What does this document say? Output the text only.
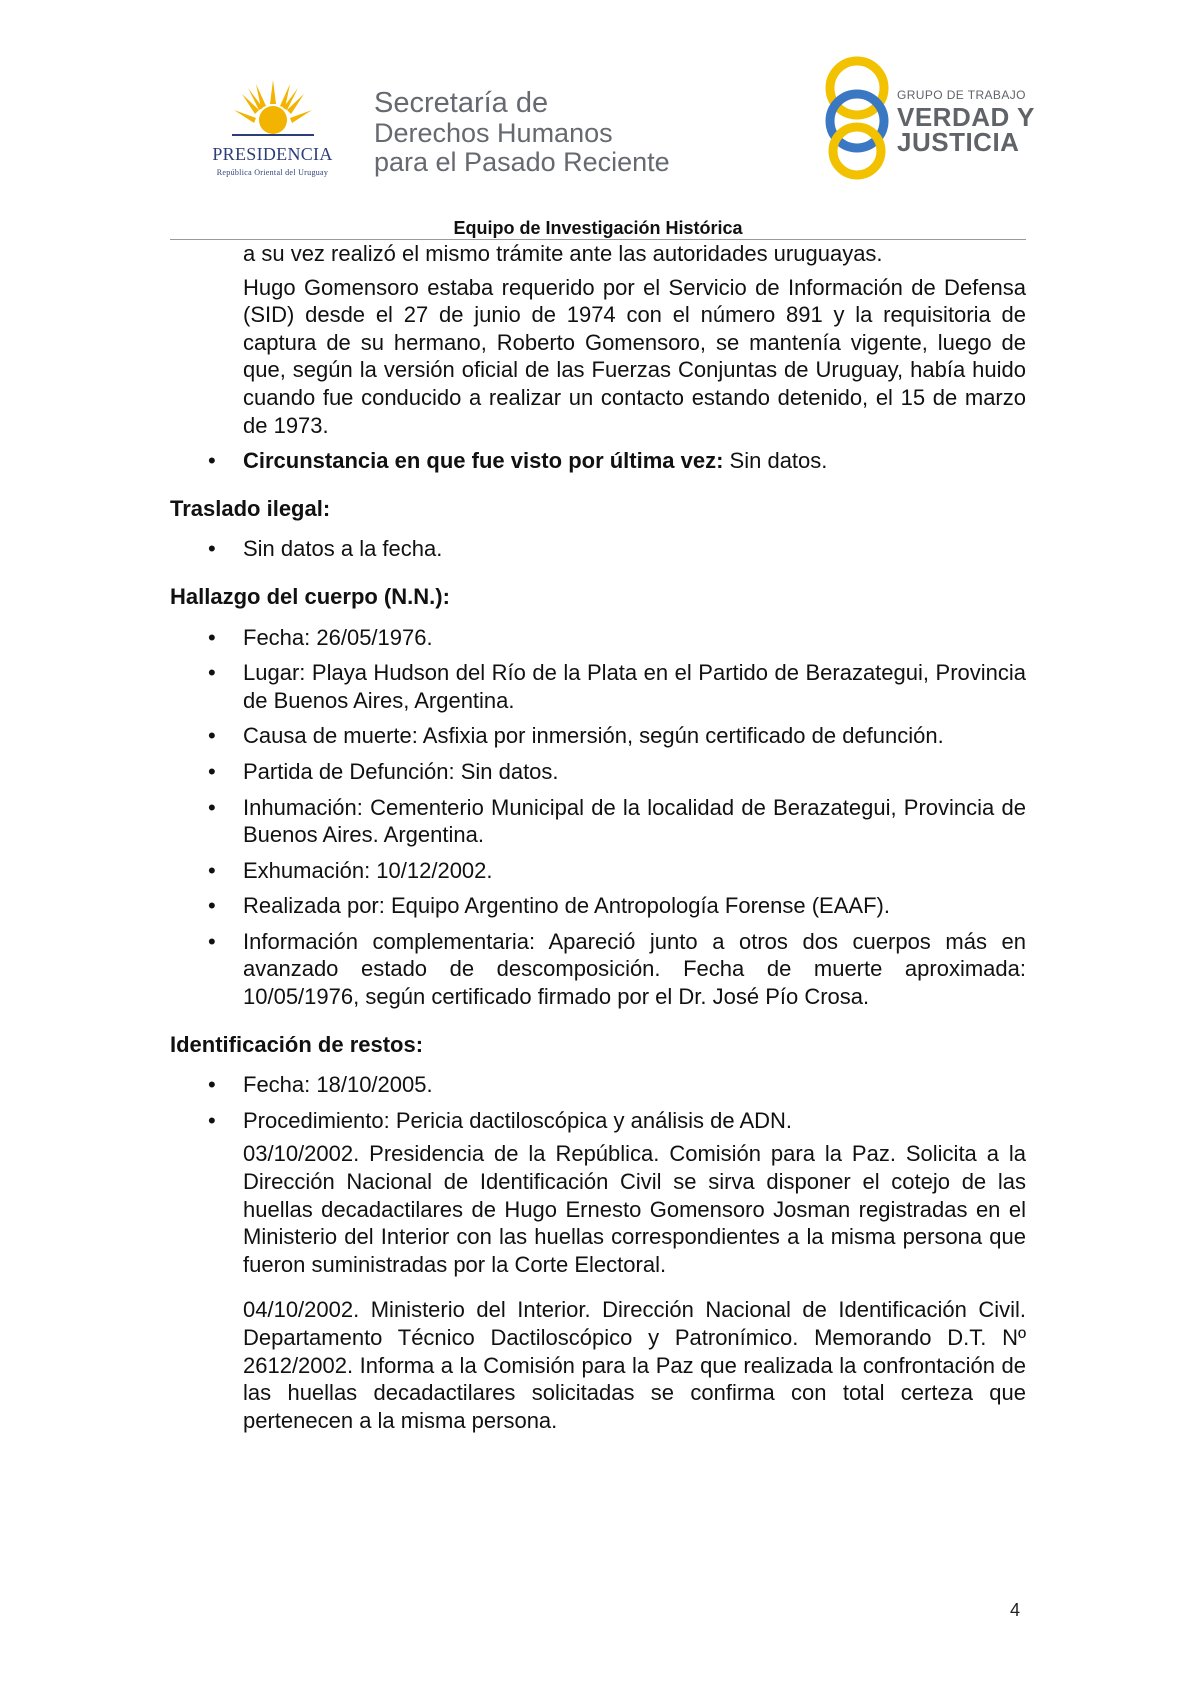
PRESIDENCIA
República Oriental del Uruguay
Secretaría de
Derechos Humanos
para el Pasado Reciente
GRUPO DE TRABAJO
VERDAD Y
JUSTICIA
Equipo de Investigación Histórica

a su vez realizó el mismo trámite ante las autoridades uruguayas.

Hugo Gomensoro estaba requerido por el Servicio de Información de Defensa (SID) desde el 27 de junio de 1974 con el número 891 y la requisitoria de captura de su hermano, Roberto Gomensoro, se mantenía vigente, luego de que, según la versión oficial de las Fuerzas Conjuntas de Uruguay, había huido cuando fue conducido a realizar un contacto estando detenido, el 15 de marzo de 1973.

• Circunstancia en que fue visto por última vez: Sin datos.

Traslado ilegal:

• Sin datos a la fecha.

Hallazgo del cuerpo (N.N.):

• Fecha: 26/05/1976.
• Lugar: Playa Hudson del Río de la Plata en el Partido de Berazategui, Provincia de Buenos Aires, Argentina.
• Causa de muerte: Asfixia por inmersión, según certificado de defunción.
• Partida de Defunción: Sin datos.
• Inhumación: Cementerio Municipal de la localidad de Berazategui, Provincia de Buenos Aires. Argentina.
• Exhumación: 10/12/2002.
• Realizada por: Equipo Argentino de Antropología Forense (EAAF).
• Información complementaria: Apareció junto a otros dos cuerpos más en avanzado estado de descomposición. Fecha de muerte aproximada: 10/05/1976, según certificado firmado por el Dr. José Pío Crosa.

Identificación de restos:

• Fecha: 18/10/2005.
• Procedimiento: Pericia dactiloscópica y análisis de ADN.

03/10/2002. Presidencia de la República. Comisión para la Paz. Solicita a la Dirección Nacional de Identificación Civil se sirva disponer el cotejo de las huellas decadactilares de Hugo Ernesto Gomensoro Josman registradas en el Ministerio del Interior con las huellas correspondientes a la misma persona que fueron suministradas por la Corte Electoral.

04/10/2002. Ministerio del Interior. Dirección Nacional de Identificación Civil. Departamento Técnico Dactiloscópico y Patronímico. Memorando D.T. Nº 2612/2002. Informa a la Comisión para la Paz que realizada la confrontación de las huellas decadactilares solicitadas se confirma con total certeza que pertenecen a la misma persona.

4
